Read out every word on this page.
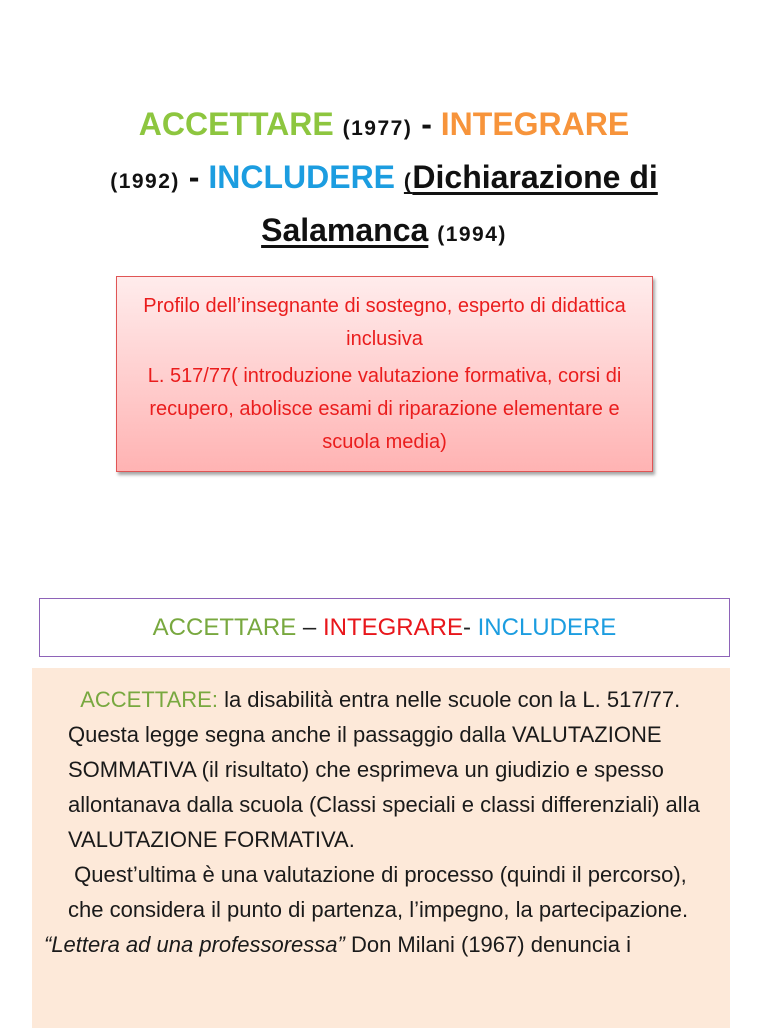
ACCETTARE (1977) - INTEGRARE
(1992) - INCLUDERE (Dichiarazione di
Salamanca (1994)

Profilo dell’insegnante di sostegno, esperto di didattica inclusiva

L. 517/77( introduzione valutazione formativa, corsi di recupero, abolisce esami di riparazione elementare e scuola media)

ACCETTARE – INTEGRARE - INCLUDERE

ACCETTARE: la disabilità entra nelle scuole con la L. 517/77. Questa legge segna anche il passaggio dalla VALUTAZIONE SOMMATIVA (il risultato) che esprimeva un giudizio e spesso allontanava dalla scuola (Classi speciali e classi differenziali) alla VALUTAZIONE FORMATIVA.

Quest’ultima è una valutazione di processo (quindi il percorso), che considera il punto di partenza, l’impegno, la partecipazione.

“Lettera ad una professoressa” Don Milani (1967) denuncia i
